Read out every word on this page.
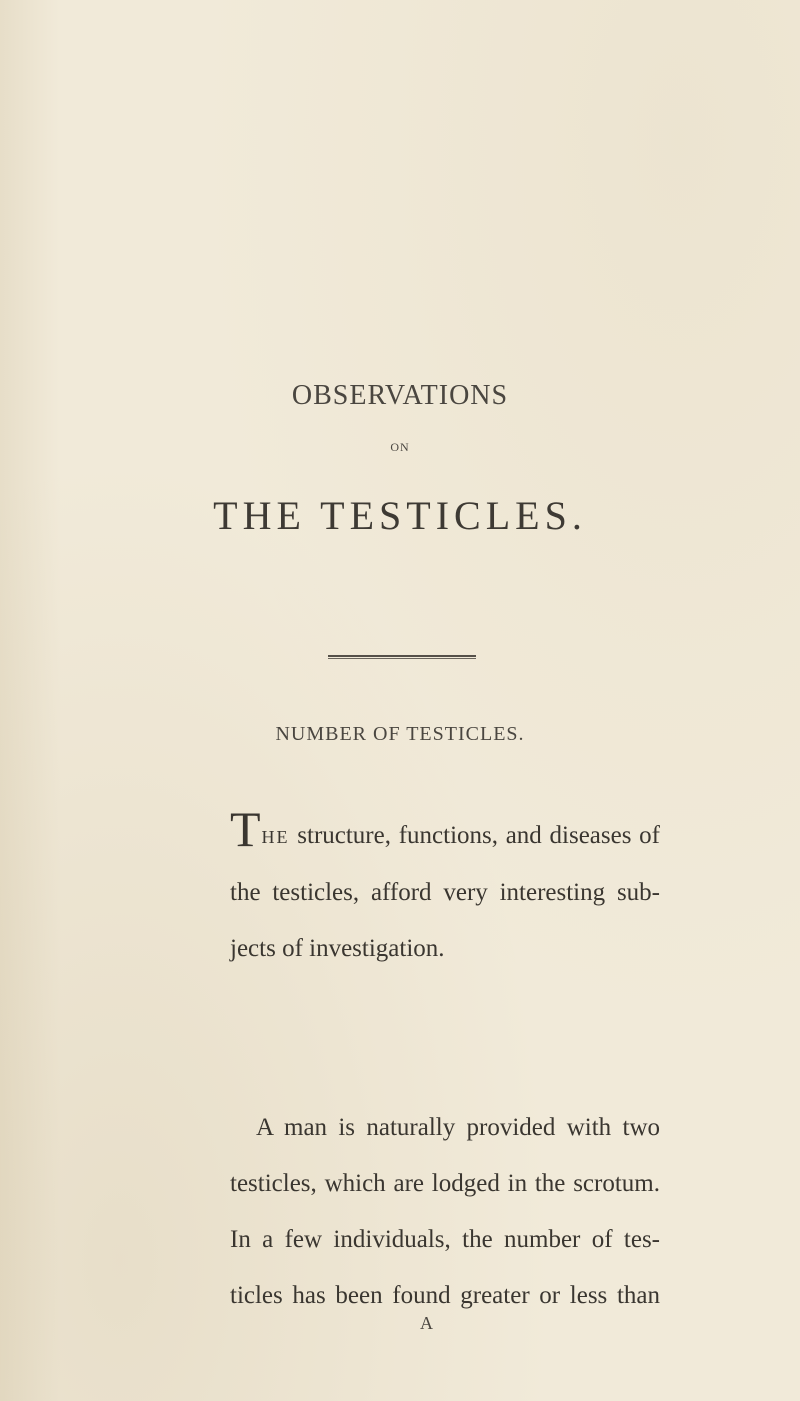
OBSERVATIONS
ON
THE TESTICLES.
NUMBER OF TESTICLES.
THE structure, functions, and diseases of
the testicles, afford very interesting sub-
jects of investigation.
A man is naturally provided with two
testicles, which are lodged in the scrotum.
In a few individuals, the number of tes-
ticles has been found greater or less than
A
